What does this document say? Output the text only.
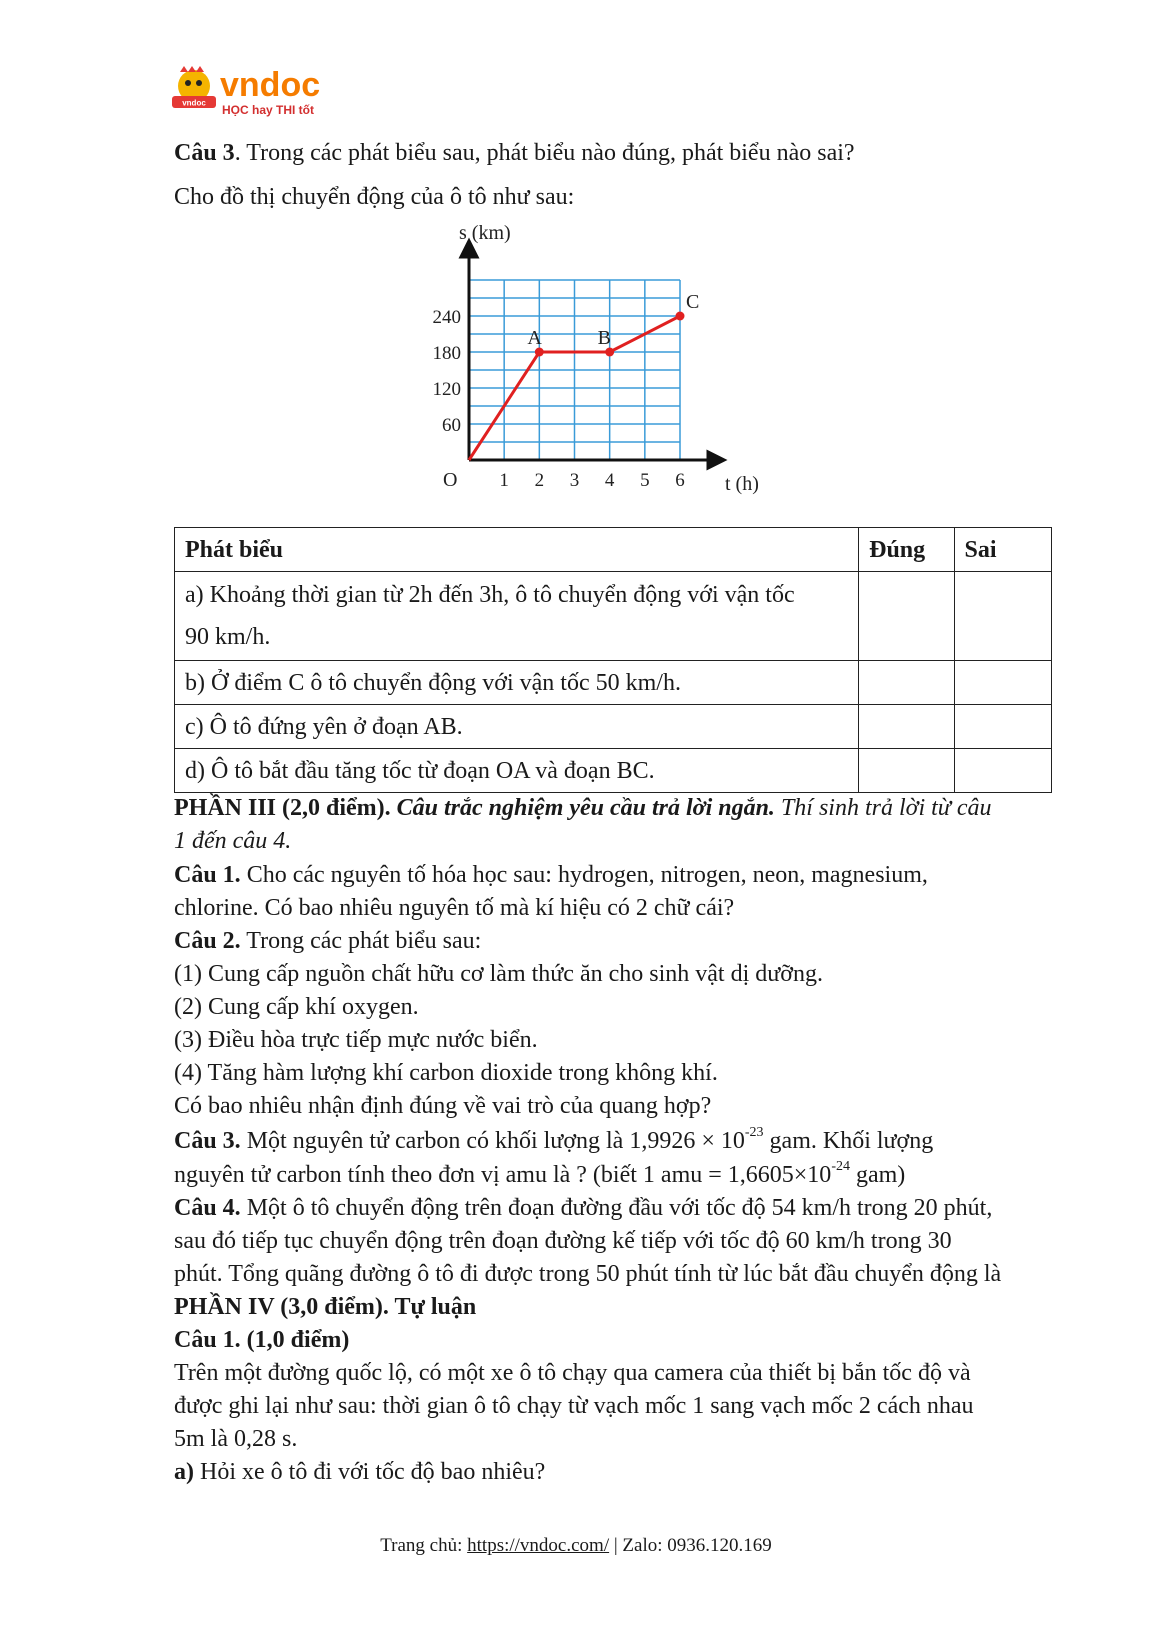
vndoc vndoc
HỌC hay THI tốt
Câu 3. Trong các phát biểu sau, phát biểu nào đúng, phát biểu nào sai?
Cho đồ thị chuyển động của ô tô như sau:
1 2 3 4 5 6
60
120
180
240
A	B
C
s (km)
t (h)
O
Phát biểu	Đúng	Sai

a) Khoảng thời gian từ 2h đến 3h, ô tô chuyển động với vận tốc
90 km/h.		

b) Ở điểm C ô tô chuyển động với vận tốc 50 km/h.		
c) Ô tô đứng yên ở đoạn AB.		
d) Ô tô bắt đầu tăng tốc từ đoạn OA và đoạn BC.		
PHẦN III (2,0 điểm). Câu trắc nghiệm yêu cầu trả lời ngắn. Thí sinh trả lời từ câu
1 đến câu 4.
Câu 1. Cho các nguyên tố hóa học sau: hydrogen, nitrogen, neon, magnesium,
chlorine. Có bao nhiêu nguyên tố mà kí hiệu có 2 chữ cái?
Câu 2. Trong các phát biểu sau:
(1) Cung cấp nguồn chất hữu cơ làm thức ăn cho sinh vật dị dưỡng.
(2) Cung cấp khí oxygen.
(3) Điều hòa trực tiếp mực nước biển.
(4) Tăng hàm lượng khí carbon dioxide trong không khí.
Có bao nhiêu nhận định đúng về vai trò của quang hợp?
Câu 3. Một nguyên tử carbon có khối lượng là $1,9926 \times 10^{-23}$ gam. Khối lượng
nguyên tử carbon tính theo đơn vị amu là ? (biết 1 amu = $1,6605\times 10^{-24}$ gam)
Câu 4. Một ô tô chuyển động trên đoạn đường đầu với tốc độ 54 km/h trong 20 phút,
sau đó tiếp tục chuyển động trên đoạn đường kế tiếp với tốc độ 60 km/h trong 30
phút. Tổng quãng đường ô tô đi được trong 50 phút tính từ lúc bắt đầu chuyển động là
PHẦN IV (3,0 điểm). Tự luận
Câu 1. (1,0 điểm)
Trên một đường quốc lộ, có một xe ô tô chạy qua camera của thiết bị bắn tốc độ và
được ghi lại như sau: thời gian ô tô chạy từ vạch mốc 1 sang vạch mốc 2 cách nhau
5m là 0,28 s.
a) Hỏi xe ô tô đi với tốc độ bao nhiêu?
Trang chủ: https://vndoc.com/ | Zalo: 0936.120.169
